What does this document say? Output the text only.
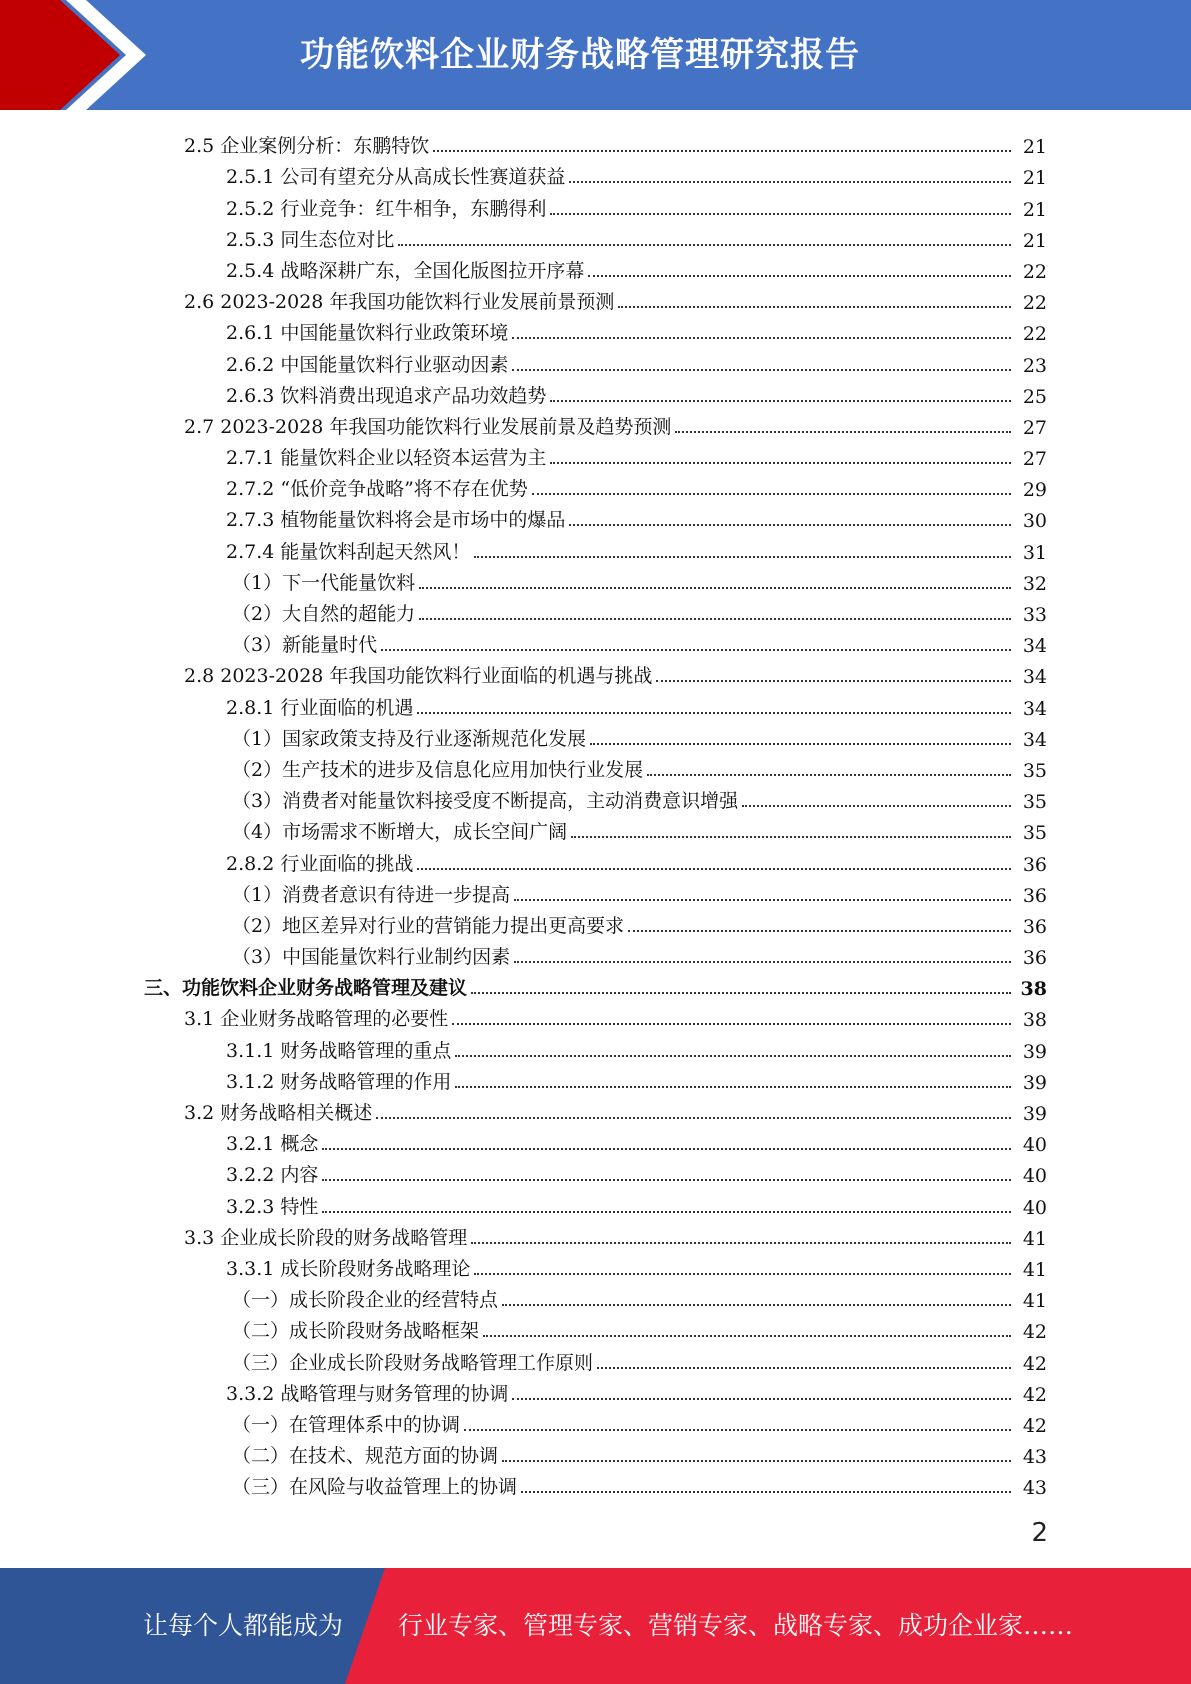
功能饮料企业财务战略管理研究报告
2.5 企业案例分析：东鹏特饮	21
2.5.1 公司有望充分从高成长性赛道获益	21
2.5.2 行业竞争：红牛相争，东鹏得利	21
2.5.3 同生态位对比	21
2.5.4 战略深耕广东，全国化版图拉开序幕	22
2.6 2023-2028 年我国功能饮料行业发展前景预测	22
2.6.1 中国能量饮料行业政策环境	22
2.6.2 中国能量饮料行业驱动因素	23
2.6.3 饮料消费出现追求产品功效趋势	25
2.7 2023-2028 年我国功能饮料行业发展前景及趋势预测	27
2.7.1 能量饮料企业以轻资本运营为主	27
2.7.2 “低价竞争战略”将不存在优势	29
2.7.3 植物能量饮料将会是市场中的爆品	30
2.7.4 能量饮料刮起天然风！	31
（1）下一代能量饮料	32
（2）大自然的超能力	33
（3）新能量时代	34
2.8 2023-2028 年我国功能饮料行业面临的机遇与挑战	34
2.8.1 行业面临的机遇	34
（1）国家政策支持及行业逐渐规范化发展	34
（2）生产技术的进步及信息化应用加快行业发展	35
（3）消费者对能量饮料接受度不断提高，主动消费意识增强	35
（4）市场需求不断增大，成长空间广阔	35
2.8.2 行业面临的挑战	36
（1）消费者意识有待进一步提高	36
（2）地区差异对行业的营销能力提出更高要求	36
（3）中国能量饮料行业制约因素	36
三、功能饮料企业财务战略管理及建议	38
3.1 企业财务战略管理的必要性	38
3.1.1 财务战略管理的重点	39
3.1.2 财务战略管理的作用	39
3.2 财务战略相关概述	39
3.2.1 概念	40
3.2.2 内容	40
3.2.3 特性	40
3.3 企业成长阶段的财务战略管理	41
3.3.1 成长阶段财务战略理论	41
（一）成长阶段企业的经营特点	41
（二）成长阶段财务战略框架	42
（三）企业成长阶段财务战略管理工作原则	42
3.3.2 战略管理与财务管理的协调	42
（一）在管理体系中的协调	42
（二）在技术、规范方面的协调	43
（三）在风险与收益管理上的协调	43
2
让每个人都能成为 行业专家、管理专家、营销专家、战略专家、成功企业家……
